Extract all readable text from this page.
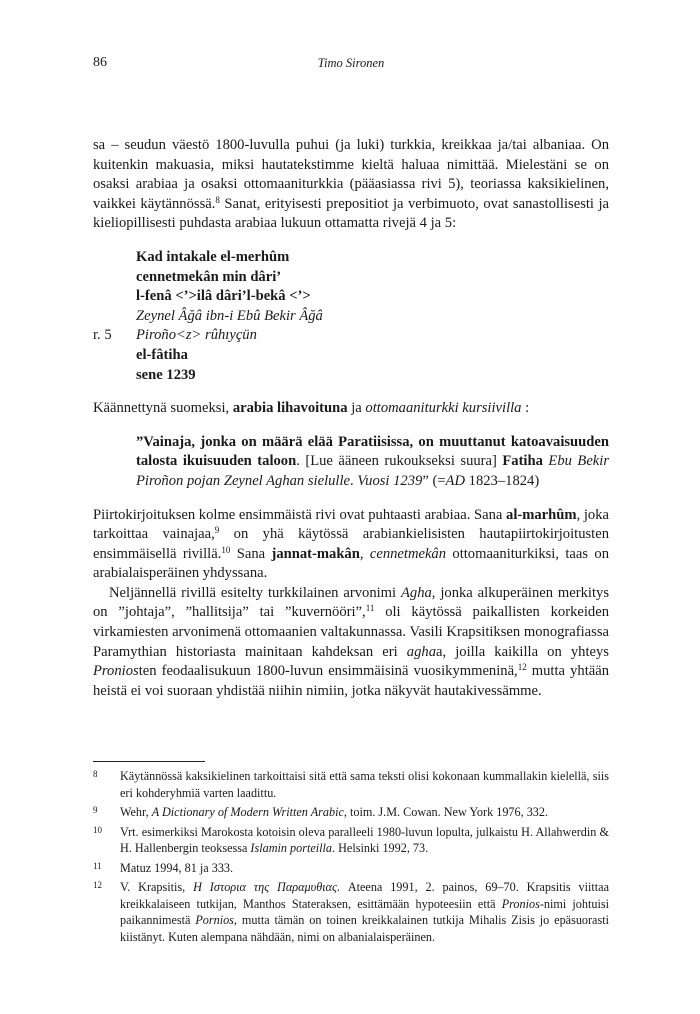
86	Timo Sironen

sa – seudun väestö 1800-luvulla puhui (ja luki) turkkia, kreikkaa ja/tai albaniaa. On kuitenkin makuasia, miksi hautatekstimme kieltä haluaa nimittää. Mielestäni se on osaksi arabiaa ja osaksi ottomaaniturkkia (pääasiassa rivi 5), teoriassa kaksikielinen, vaikkei käytännössä.$^8$ Sanat, erityisesti prepositiot ja verbimuoto, ovat sanastollisesti ja kieliopillisesti puhdasta arabiaa lukuun ottamatta rivejä 4 ja 5:

Kad intakale el-merhûm
cennetmekân min dâri’
l-fenâ <’>ilâ dâri’l-bekâ <’>
Zeynel Âğâ ibn-i Ebû Bekir Âğâ
r. 5 Piroño<z> rûhıyçün
el-fâtiha
sene 1239

Käännettynä suomeksi, arabia lihavoituna ja ottomaaniturkki kursiivilla :

”Vainaja, jonka on määrä elää Paratiisissa, on muuttanut katoavaisuuden talosta ikuisuuden taloon. [Lue ääneen rukoukseksi suura] Fatiha Ebu Bekir Piroñon pojan Zeynel Aghan sielulle. Vuosi 1239” (=AD 1823–1824)

Piirtokirjoituksen kolme ensimmäistä rivi ovat puhtaasti arabiaa. Sana al-marhûm, joka tarkoittaa vainajaa,$^9$ on yhä käytössä arabiankielisisten hautapiirtokirjoitusten ensimmäisellä rivillä.$^{10}$ Sana jannat-makân, cennetmekân ottomaaniturkiksi, taas on arabialaisperäinen yhdyssana.

Neljännellä rivillä esitelty turkkilainen arvonimi Agha, jonka alkuperäinen merkitys on ”johtaja”, ”hallitsija” tai ”kuvernööri”,$^{11}$ oli käytössä paikallisten korkeiden virkamiesten arvonimenä ottomaanien valtakunnassa. Vasili Krapsitiksen monografiassa Paramythian historiasta mainitaan kahdeksan eri aghaa, joilla kaikilla on yhteys Proniosten feodaalisukuun 1800-luvun ensimmäisinä vuosikymmeninä,$^{12}$ mutta yhtään heistä ei voi suoraan yhdistää niihin nimiin, jotka näkyvät hautakivessämme.

8 Käytännössä kaksikielinen tarkoittaisi sitä että sama teksti olisi kokonaan kummallakin kielellä, siis eri kohderyhmiä varten laadittu.
9 Wehr, A Dictionary of Modern Written Arabic, toim. J.M. Cowan. New York 1976, 332.
10 Vrt. esimerkiksi Marokosta kotoisin oleva paralleeli 1980-luvun lopulta, julkaistu H. Allahwerdin & H. Hallenbergin teoksessa Islamin porteilla. Helsinki 1992, 73.
11 Matuz 1994, 81 ja 333.
12 V. Krapsitis, Η Ιστορια της Παραμυθιας. Ateena 1991, 2. painos, 69–70. Krapsitis viittaa kreikkalaiseen tutkijan, Manthos Stateraksen, esittämään hypoteesiin että Pronios-nimi johtuisi paikannimestä Pornios, mutta tämän on toinen kreikkalainen tutkija Mihalis Zisis jo epäsuorasti kiistänyt. Kuten alempana nähdään, nimi on albanialaisperäinen.
